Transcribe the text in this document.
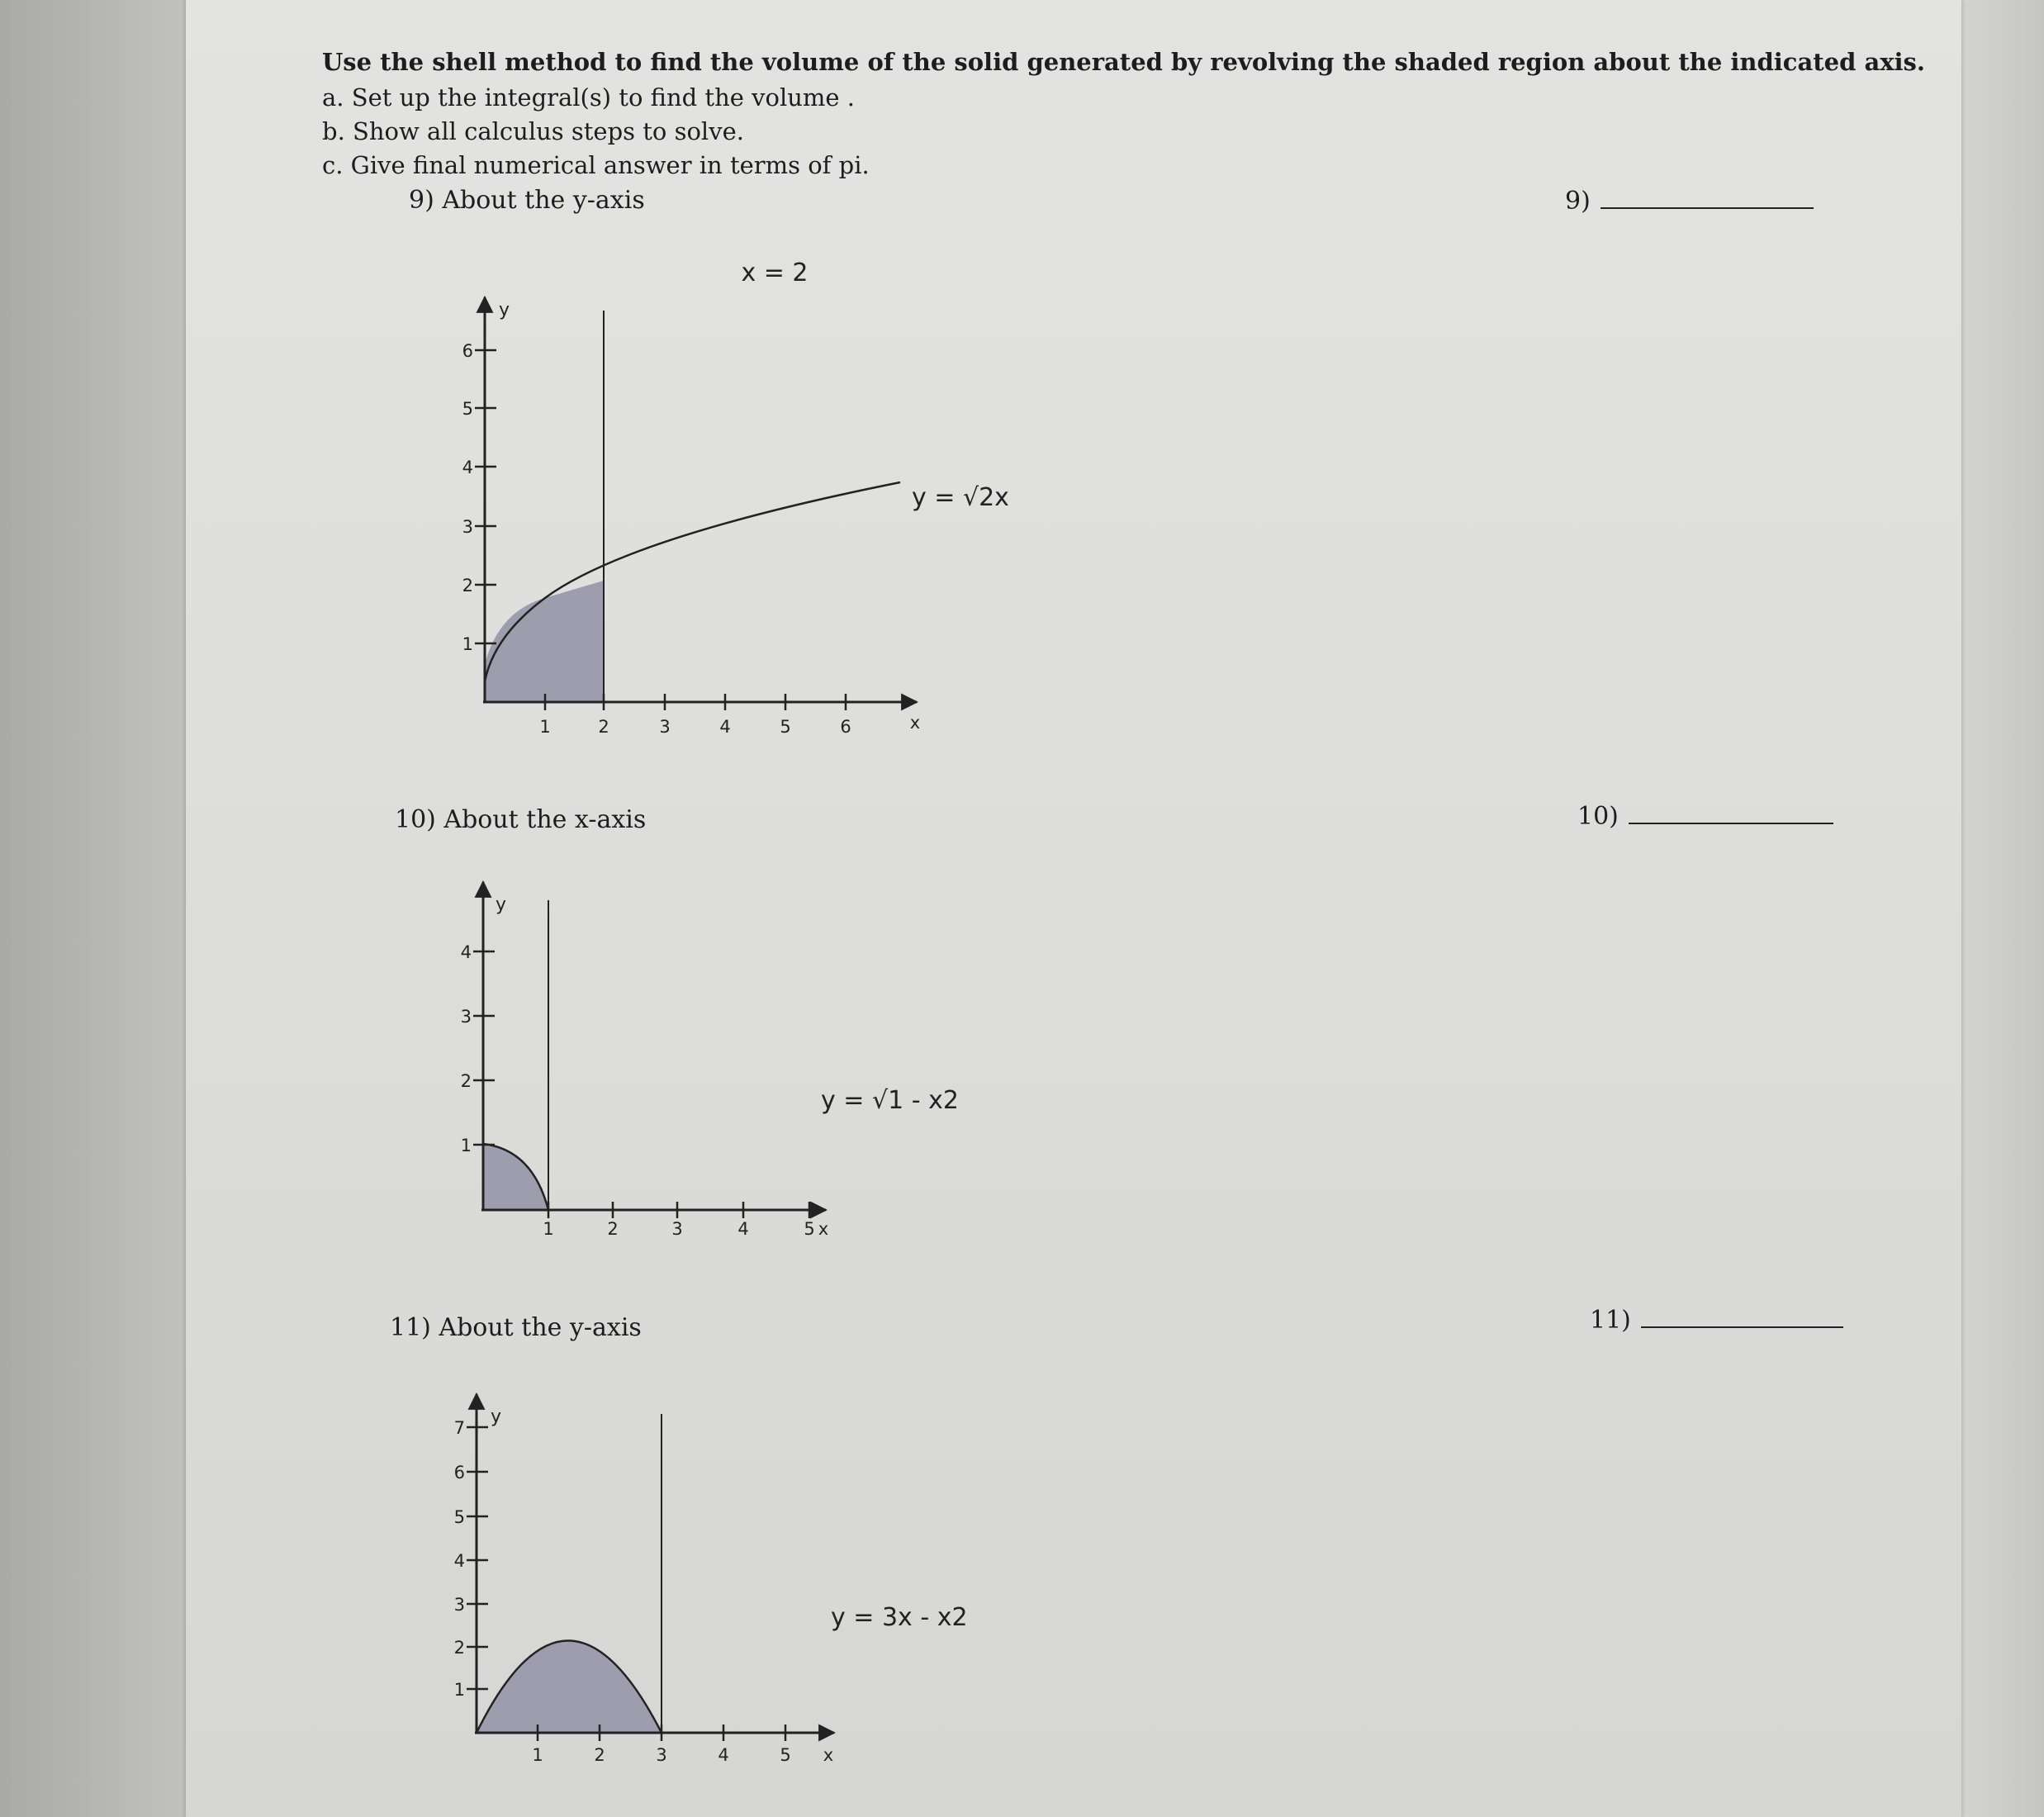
Use the shell method to find the volume of the solid generated by revolving the shaded region about the indicated axis.
a. Set up the integral(s) to find the volume .
b. Show all calculus steps to solve.
c. Give final numerical answer in terms of pi.
9) About the y-axis	9)
10) About the x-axis	10)
11) About the y-axis	11)
1	2	3	4	5	6	x
1
2
3
4
5
6
y
x = 2
y = √2x
1	2	3	4	5 x
1
2
3
4
y
y = √1 - x2
1	2	3	4	5 x
1
2
3
4
5
6
7
y
y = 3x - x2
